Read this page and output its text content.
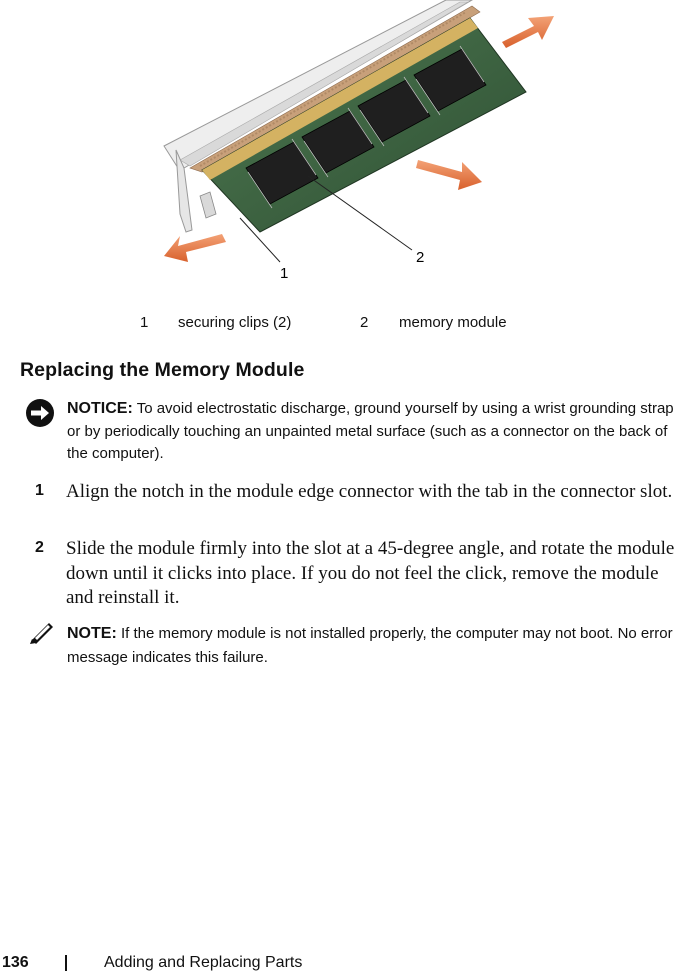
1
2
1 securing clips (2)	2 memory module
Replacing the Memory Module
NOTICE: To avoid electrostatic discharge, ground yourself by using a wrist grounding strap or by periodically touching an unpainted metal surface (such as a connector on the back of the computer).
1 Align the notch in the module edge connector with the tab in the connector slot.
2 Slide the module firmly into the slot at a 45-degree angle, and rotate the module down until it clicks into place. If you do not feel the click, remove the module and reinstall it.
NOTE: If the memory module is not installed properly, the computer may not boot. No error message indicates this failure.
136	Adding and Replacing Parts
